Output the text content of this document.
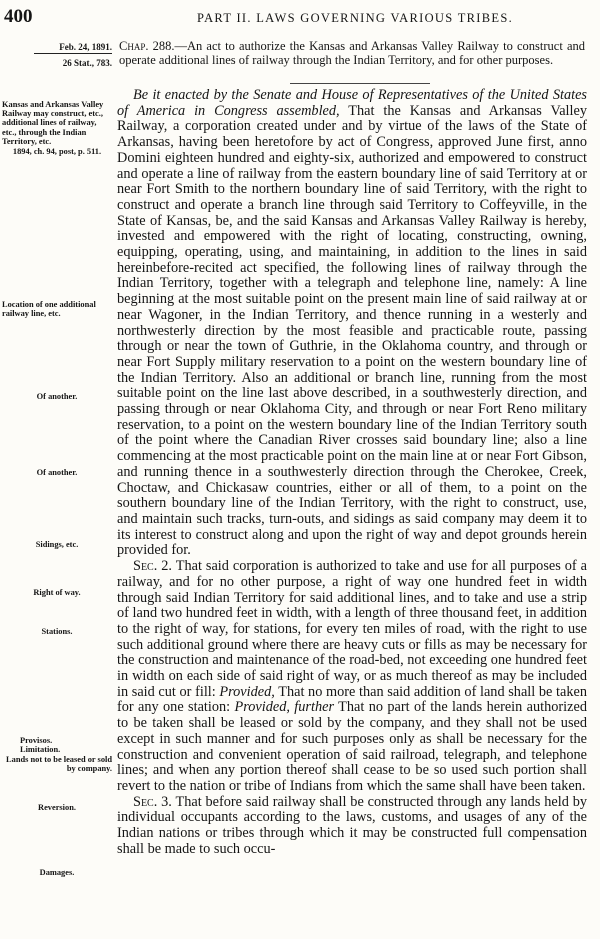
400	PART II. LAWS GOVERNING VARIOUS TRIBES.
Feb. 24, 1891.
26 Stat., 783.
Chap. 288.—An act to authorize the Kansas and Arkansas Valley Railway to construct and operate additional lines of railway through the Indian Territory, and for other purposes.
Kansas and Arkansas Valley Railway may construct, etc., additional lines of railway, etc., through the Indian Territory, etc.
1894, ch. 94, post, p. 511.
Location of one additional railway line, etc.
Of another.
Of another.
Sidings, etc.
Right of way.
Stations.
Provisos.
Limitation.
Lands not to be leased or sold by company.
Reversion.
Damages.

Be it enacted by the Senate and House of Representatives of the United States of America in Congress assembled, That the Kansas and Arkansas Valley Railway, a corporation created under and by virtue of the laws of the State of Arkansas, having been heretofore by act of Congress, approved June first, anno Domini eighteen hundred and eighty-six, authorized and empowered to construct and operate a line of railway from the eastern boundary line of said Territory at or near Fort Smith to the northern boundary line of said Territory, with the right to construct and operate a branch line through said Territory to Coffeyville, in the State of Kansas, be, and the said Kansas and Arkansas Valley Railway is hereby, invested and empowered with the right of locating, constructing, owning, equipping, operating, using, and maintaining, in addition to the lines in said hereinbefore-recited act specified, the following lines of railway through the Indian Territory, together with a telegraph and telephone line, namely: A line beginning at the most suitable point on the present main line of said railway at or near Wagoner, in the Indian Territory, and thence running in a westerly and northwesterly direction by the most feasible and practicable route, passing through or near the town of Guthrie, in the Oklahoma country, and through or near Fort Supply military reservation to a point on the western boundary line of the Indian Territory. Also an additional or branch line, running from the most suitable point on the line last above described, in a southwesterly direction, and passing through or near Oklahoma City, and through or near Fort Reno military reservation, to a point on the western boundary line of the Indian Territory south of the point where the Canadian River crosses said boundary line; also a line commencing at the most practicable point on the main line at or near Fort Gibson, and running thence in a southwesterly direction through the Cherokee, Creek, Choctaw, and Chickasaw countries, either or all of them, to a point on the southern boundary line of the Indian Territory, with the right to construct, use, and maintain such tracks, turn-outs, and sidings as said company may deem it to its interest to construct along and upon the right of way and depot grounds herein provided for.

Sec. 2. That said corporation is authorized to take and use for all purposes of a railway, and for no other purpose, a right of way one hundred feet in width through said Indian Territory for said additional lines, and to take and use a strip of land two hundred feet in width, with a length of three thousand feet, in addition to the right of way, for stations, for every ten miles of road, with the right to use such additional ground where there are heavy cuts or fills as may be necessary for the construction and maintenance of the road-bed, not exceeding one hundred feet in width on each side of said right of way, or as much thereof as may be included in said cut or fill: Provided, That no more than said addition of land shall be taken for any one station: Provided, further That no part of the lands herein authorized to be taken shall be leased or sold by the company, and they shall not be used except in such manner and for such purposes only as shall be necessary for the construction and convenient operation of said railroad, telegraph, and telephone lines; and when any portion thereof shall cease to be so used such portion shall revert to the nation or tribe of Indians from which the same shall have been taken.

Sec. 3. That before said railway shall be constructed through any lands held by individual occupants according to the laws, customs, and usages of any of the Indian nations or tribes through which it may be constructed full compensation shall be made to such occu-
